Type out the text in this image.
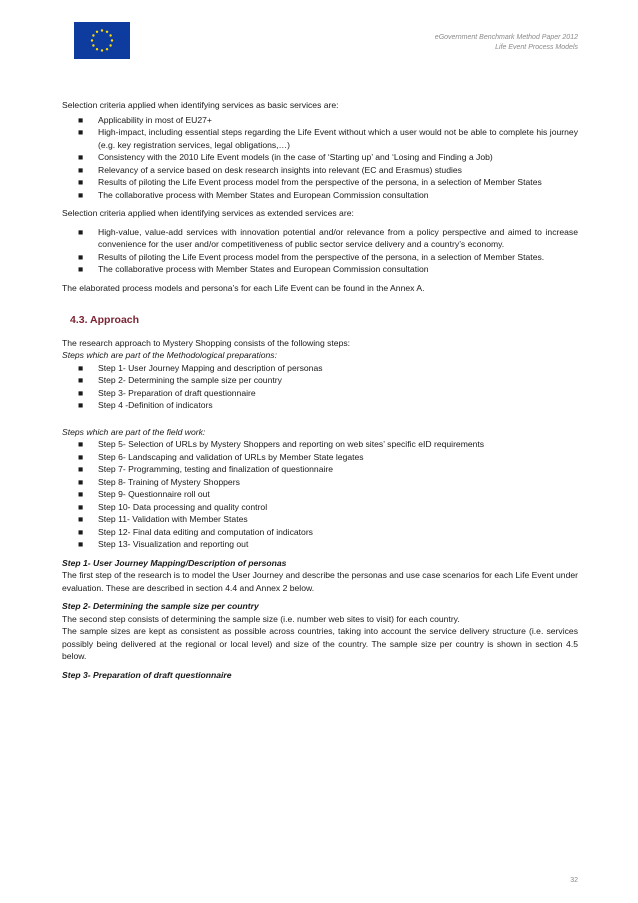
eGovernment Benchmark Method Paper 2012
Life Event Process Models

Selection criteria applied when identifying services as basic services are:

■ Applicability in most of EU27+
■ High-impact, including essential steps regarding the Life Event without which a user would not be able to complete his journey (e.g. key registration services, legal obligations,…)
■ Consistency with the 2010 Life Event models (in the case of ‘Starting up’ and ‘Losing and Finding a Job)
■ Relevancy of a service based on desk research insights into relevant (EC and Erasmus) studies
■ Results of piloting the Life Event process model from the perspective of the persona, in a selection of Member States
■ The collaborative process with Member States and European Commission consultation

Selection criteria applied when identifying services as extended services are:

■ High-value, value-add services with innovation potential and/or relevance from a policy perspective and aimed to increase convenience for the user and/or competitiveness of public sector service delivery and a country’s economy.
■ Results of piloting the Life Event process model from the perspective of the persona, in a selection of Member States.
■ The collaborative process with Member States and European Commission consultation

The elaborated process models and persona’s for each Life Event can be found in the Annex A.

4.3. Approach

The research approach to Mystery Shopping consists of the following steps:

Steps which are part of the Methodological preparations:

■ Step 1- User Journey Mapping and description of personas
■ Step 2- Determining the sample size per country
■ Step 3- Preparation of draft questionnaire
■ Step 4 -Definition of indicators

Steps which are part of the field work:

■ Step 5- Selection of URLs by Mystery Shoppers and reporting on web sites’ specific eID requirements
■ Step 6- Landscaping and validation of URLs by Member State legates
■ Step 7- Programming, testing and finalization of questionnaire
■ Step 8- Training of Mystery Shoppers
■ Step 9- Questionnaire roll out
■ Step 10- Data processing and quality control
■ Step 11- Validation with Member States
■ Step 12- Final data editing and computation of indicators
■ Step 13- Visualization and reporting out

Step 1- User Journey Mapping/Description of personas

The first step of the research is to model the User Journey and describe the personas and use case scenarios for each Life Event under evaluation. These are described in section 4.4 and Annex 2 below.

Step 2- Determining the sample size per country

The second step consists of determining the sample size (i.e. number web sites to visit) for each country.

The sample sizes are kept as consistent as possible across countries, taking into account the service delivery structure (i.e. services possibly being delivered at the regional or local level) and size of the country. The sample size per country is shown in section 4.5 below.

Step 3- Preparation of draft questionnaire

32
